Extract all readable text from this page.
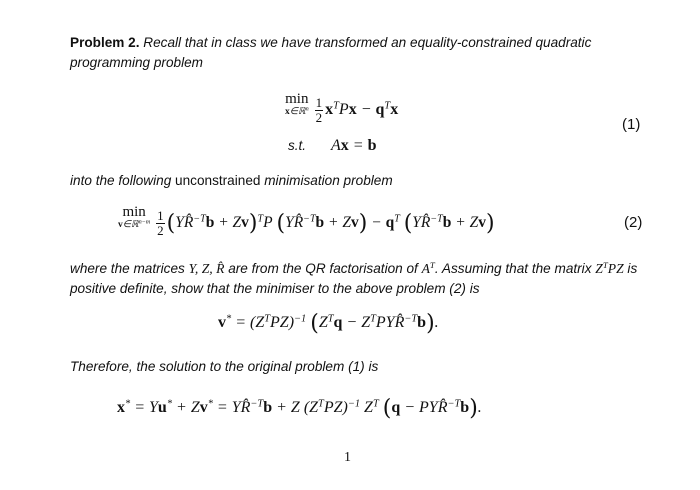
Problem 2. Recall that in class we have transformed an equality-constrained quadratic programming problem
min
x∈ℝ$^n$
$\frac{1}{2} x^TPx - q^Tx$
(1)
s.t. Ax = b
into the following unconstrained minimisation problem
min
v∈ℝ$^{n-m}$
$\frac{1}{2}$ (YR̂$^{-T}$b + Zv)$^T$P (YR̂$^{-T}$b + $Zv) - q^T$ (YR̂$^{-T}$b + Zv)	(2)
where the matrices Y, Z, R̂ are from the QR factorisation of $A^T$. Assuming that the matrix $Z^TPZ$ is positive definite, show that the minimiser to the above problem (2) is
$v^* = (Z^TPZ)^{-1}$ ($Z^Tq$ − $Z^TPYR̂^{-T}b$).
Therefore, the solution to the original problem (1) is
x* = Yu* + Zv* = YR̂$^{-T}$b + Z $(Z^TPZ)^{-1}$ $Z^T$ (q − PYR̂$^{-T}$b).
1
